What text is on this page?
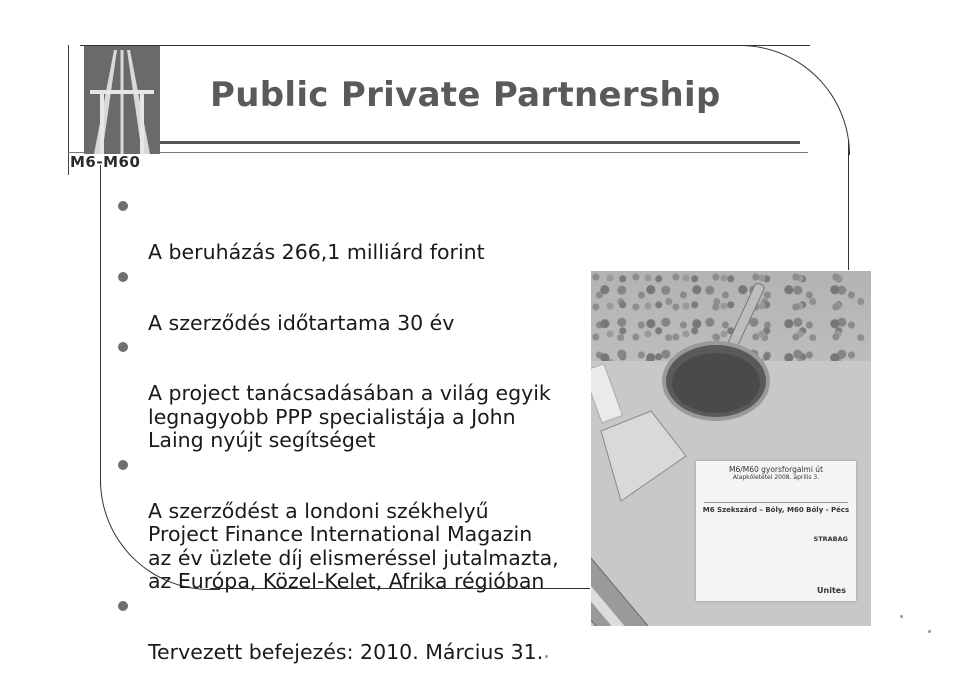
M6-M60
Public Private Partnership

A beruházás 266,1 milliárd forint

A szerződés időtartama 30 év

A project tanácsadásában a világ egyik
legnagyobb PPP specialistája a John
Laing nyújt segítséget

A szerződést a londoni székhelyű
Project Finance International Magazin
az év üzlete díj elismeréssel jutalmazta,
az Európa, Közel-Kelet, Afrika régióban

Tervezett befejezés: 2010. Március 31.

M6/M60 gyorsforgalmi út
Alapkőletétel 2008. április 3.
M6 Szekszárd – Bóly, M60 Bóly - Pécs
STRABAG
Unites
